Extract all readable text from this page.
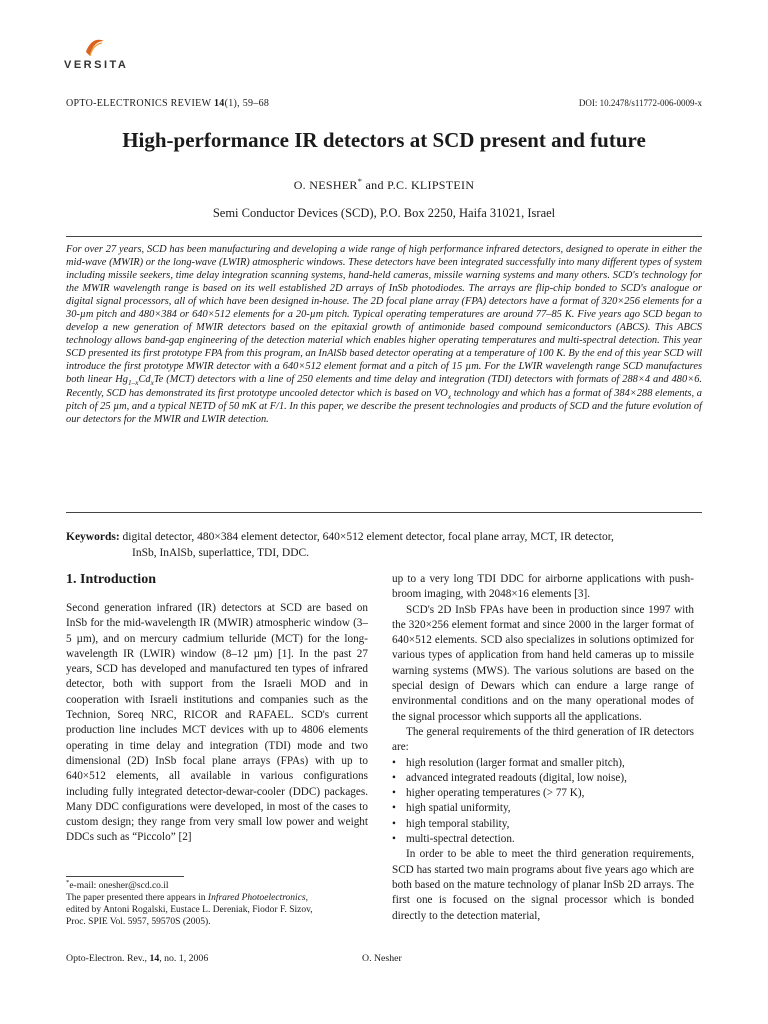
VERSITA
OPTO-ELECTRONICS REVIEW 14(1), 59–68	DOI: 10.2478/s11772-006-0009-x
High-performance IR detectors at SCD present and future
O. NESHER* and P.C. KLIPSTEIN
Semi Conductor Devices (SCD), P.O. Box 2250, Haifa 31021, Israel
For over 27 years, SCD has been manufacturing and developing a wide range of high performance infrared detectors, designed to operate in either the mid-wave (MWIR) or the long-wave (LWIR) atmospheric windows. These detectors have been integrated successfully into many different types of system including missile seekers, time delay integration scanning systems, hand-held cameras, missile warning systems and many others. SCD's technology for the MWIR wavelength range is based on its well established 2D arrays of InSb photodiodes. The arrays are flip-chip bonded to SCD's analogue or digital signal processors, all of which have been designed in-house. The 2D focal plane array (FPA) detectors have a format of 320×256 elements for a 30-µm pitch and 480×384 or 640×512 elements for a 20-µm pitch. Typical operating temperatures are around 77–85 K. Five years ago SCD began to develop a new generation of MWIR detectors based on the epitaxial growth of antimonide based compound semiconductors (ABCS). This ABCS technology allows band-gap engineering of the detection material which enables higher operating temperatures and multi-spectral detection. This year SCD presented its first prototype FPA from this program, an InAlSb based detector operating at a temperature of 100 K. By the end of this year SCD will introduce the first prototype MWIR detector with a 640×512 element format and a pitch of 15 µm. For the LWIR wavelength range SCD manufactures both linear $Hg_{1-x}Cd_xTe$ (MCT) detectors with a line of 250 elements and time delay and integration (TDI) detectors with formats of 288×4 and 480×6. Recently, SCD has demonstrated its first prototype uncooled detector which is based on $VO_x$ technology and which has a format of 384×288 elements, a pitch of 25 µm, and a typical NETD of 50 mK at F/1. In this paper, we describe the present technologies and products of SCD and the future evolution of our detectors for the MWIR and LWIR detection.
Keywords: digital detector, 480×384 element detector, 640×512 element detector, focal plane array, MCT, IR detector,
InSb, InAlSb, superlattice, TDI, DDC.
1. Introduction

Second generation infrared (IR) detectors at SCD are based on InSb for the mid-wavelength IR (MWIR) atmospheric window (3–5 µm), and on mercury cadmium telluride (MCT) for the long-wavelength IR (LWIR) window (8–12 µm) [1]. In the past 27 years, SCD has developed and manufactured ten types of infrared detector, both with support from the Israeli MOD and in cooperation with Israeli institutions and companies such as the Technion, Soreq NRC, RICOR and RAFAEL. SCD's current production line includes MCT devices with up to 4806 elements operating in time delay and integration (TDI) mode and two dimensional (2D) InSb focal plane arrays (FPAs) with up to 640×512 elements, all available in various configurations including fully integrated detector-dewar-cooler (DDC) packages. Many DDC configurations were developed, in most of the cases to custom design; they range from very small low power and weight DDCs such as “Piccolo” [2]

up to a very long TDI DDC for airborne applications with push-broom imaging, with 2048×16 elements [3].

SCD's 2D InSb FPAs have been in production since 1997 with the 320×256 element format and since 2000 in the larger format of 640×512 elements. SCD also specializes in solutions optimized for various types of application from hand held cameras up to missile warning systems (MWS). The various solutions are based on the special design of Dewars which can endure a large range of environmental conditions and on the many operational modes of the signal processor which supports all the applications.

The general requirements of the third generation of IR detectors are:

• high resolution (larger format and smaller pitch),
• advanced integrated readouts (digital, low noise),
• higher operating temperatures (> 77 K),
• high spatial uniformity,
• high temporal stability,
• multi-spectral detection.

In order to be able to meet the third generation requirements, SCD has started two main programs about five years ago which are both based on the mature technology of planar InSb 2D arrays. The first one is focused on the signal processor which is bonded directly to the detection material,

*e-mail: onesher@scd.co.il
The paper presented there appears in Infrared Photoelectronics,
edited by Antoni Rogalski, Eustace L. Dereniak, Fiodor F. Sizov,
Proc. SPIE Vol. 5957, 59570S (2005).
Opto-Electron. Rev., 14, no. 1, 2006	O. Nesher
